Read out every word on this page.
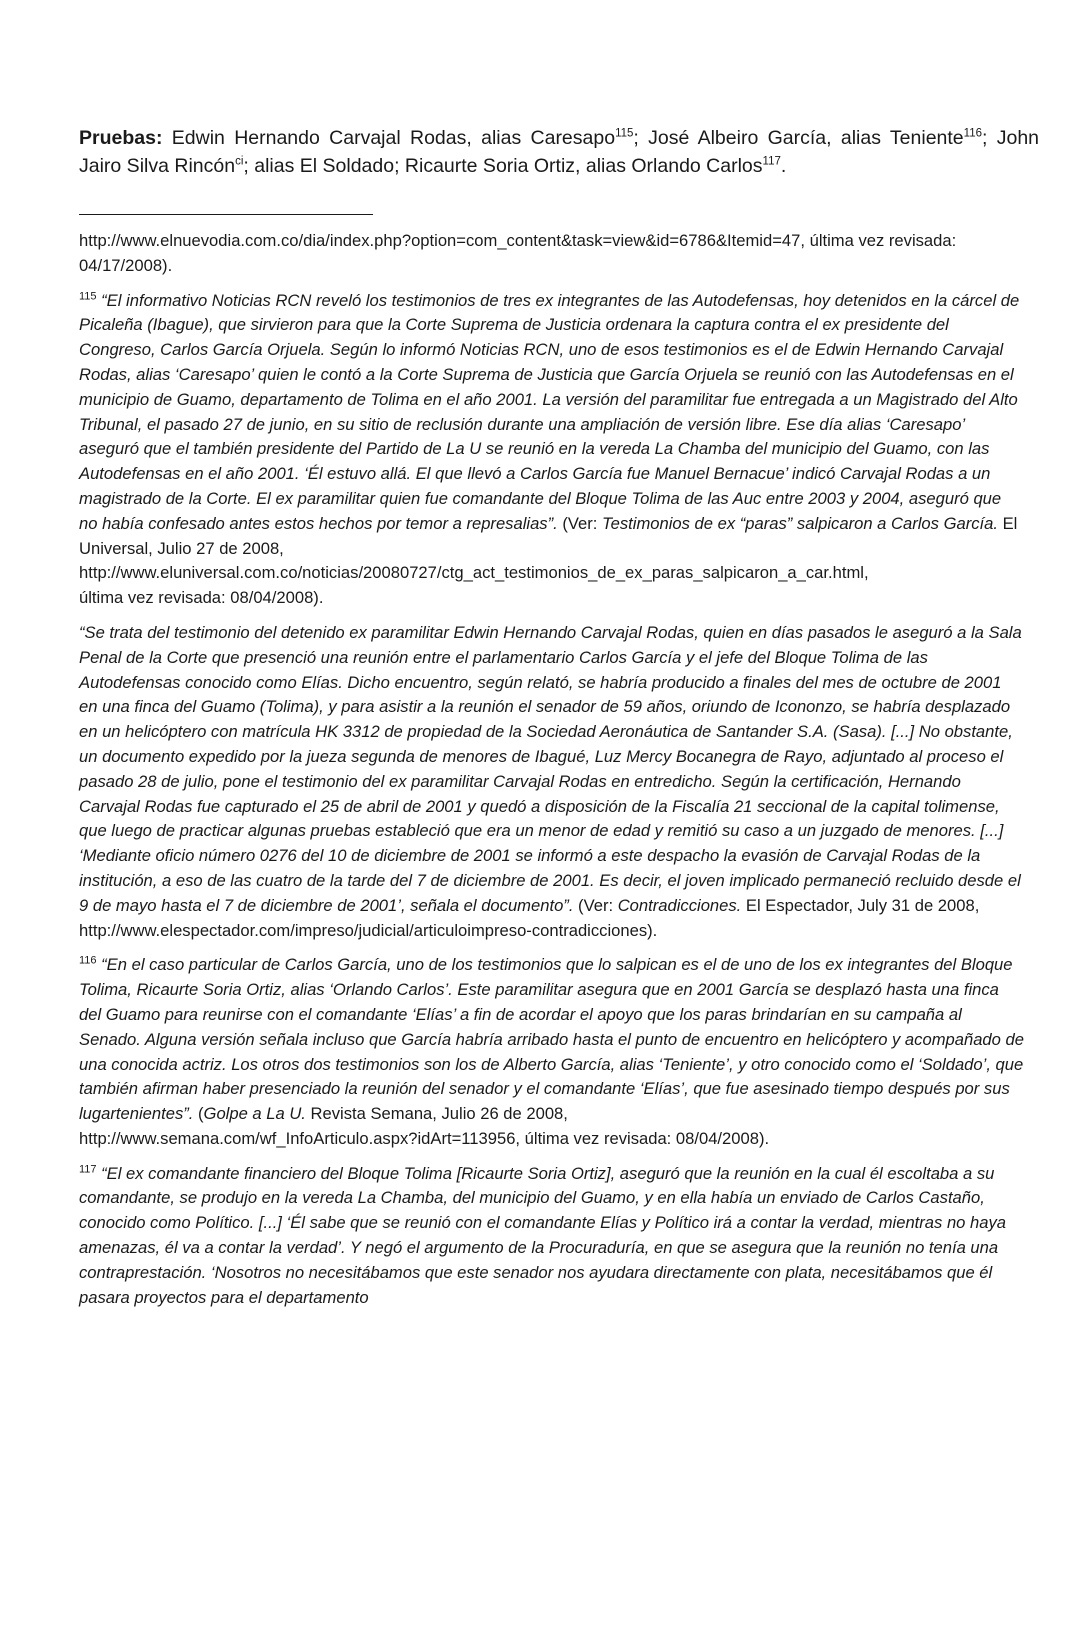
Pruebas: Edwin Hernando Carvajal Rodas, alias Caresapo$^{115}$; José Albeiro García, alias Teniente$^{116}$; John Jairo Silva Rincón$^{ci}$; alias El Soldado; Ricaurte Soria Ortiz, alias Orlando Carlos$^{117}$.

http://www.elnuevodia.com.co/dia/index.php?option=com_content&task=view&id=6786&Itemid=47, última vez revisada: 04/17/2008).

$^{115}$ “El informativo Noticias RCN reveló los testimonios de tres ex integrantes de las Autodefensas, hoy detenidos en la cárcel de Picaleña (Ibague), que sirvieron para que la Corte Suprema de Justicia ordenara la captura contra el ex presidente del Congreso, Carlos García Orjuela. Según lo informó Noticias RCN, uno de esos testimonios es el de Edwin Hernando Carvajal Rodas, alias ‘Caresapo’ quien le contó a la Corte Suprema de Justicia que García Orjuela se reunió con las Autodefensas en el municipio de Guamo, departamento de Tolima en el año 2001. La versión del paramilitar fue entregada a un Magistrado del Alto Tribunal, el pasado 27 de junio, en su sitio de reclusión durante una ampliación de versión libre. Ese día alias ‘Caresapo’ aseguró que el también presidente del Partido de La U se reunió en la vereda La Chamba del municipio del Guamo, con las Autodefensas en el año 2001. ‘Él estuvo allá. El que llevó a Carlos García fue Manuel Bernacue’ indicó Carvajal Rodas a un magistrado de la Corte. El ex paramilitar quien fue comandante del Bloque Tolima de las Auc entre 2003 y 2004, aseguró que no había confesado antes estos hechos por temor a represalias”. (Ver: Testimonios de ex “paras” salpicaron a Carlos García. El Universal, Julio 27 de 2008,
http://www.eluniversal.com.co/noticias/20080727/ctg_act_testimonios_de_ex_paras_salpicaron_a_car.html,
última vez revisada: 08/04/2008).

“Se trata del testimonio del detenido ex paramilitar Edwin Hernando Carvajal Rodas, quien en días pasados le aseguró a la Sala Penal de la Corte que presenció una reunión entre el parlamentario Carlos García y el jefe del Bloque Tolima de las Autodefensas conocido como Elías. Dicho encuentro, según relató, se habría producido a finales del mes de octubre de 2001 en una finca del Guamo (Tolima), y para asistir a la reunión el senador de 59 años, oriundo de Icononzo, se habría desplazado en un helicóptero con matrícula HK 3312 de propiedad de la Sociedad Aeronáutica de Santander S.A. (Sasa). [...] No obstante, un documento expedido por la jueza segunda de menores de Ibagué, Luz Mercy Bocanegra de Rayo, adjuntado al proceso el pasado 28 de julio, pone el testimonio del ex paramilitar Carvajal Rodas en entredicho. Según la certificación, Hernando Carvajal Rodas fue capturado el 25 de abril de 2001 y quedó a disposición de la Fiscalía 21 seccional de la capital tolimense, que luego de practicar algunas pruebas estableció que era un menor de edad y remitió su caso a un juzgado de menores. [...] ‘Mediante oficio número 0276 del 10 de diciembre de 2001 se informó a este despacho la evasión de Carvajal Rodas de la institución, a eso de las cuatro de la tarde del 7 de diciembre de 2001. Es decir, el joven implicado permaneció recluido desde el 9 de mayo hasta el 7 de diciembre de 2001’, señala el documento”. (Ver: Contradicciones. El Espectador, July 31 de 2008,
http://www.elespectador.com/impreso/judicial/articuloimpreso-contradicciones).

$^{116}$ “En el caso particular de Carlos García, uno de los testimonios que lo salpican es el de uno de los ex integrantes del Bloque Tolima, Ricaurte Soria Ortiz, alias ‘Orlando Carlos’. Este paramilitar asegura que en 2001 García se desplazó hasta una finca del Guamo para reunirse con el comandante ‘Elías’ a fin de acordar el apoyo que los paras brindarían en su campaña al Senado. Alguna versión señala incluso que García habría arribado hasta el punto de encuentro en helicóptero y acompañado de una conocida actriz. Los otros dos testimonios son los de Alberto García, alias ‘Teniente’, y otro conocido como el ‘Soldado’, que también afirman haber presenciado la reunión del senador y el comandante ‘Elías’, que fue asesinado tiempo después por sus lugartenientes”. (Golpe a La U. Revista Semana, Julio 26 de 2008,
http://www.semana.com/wf_InfoArticulo.aspx?idArt=113956, última vez revisada: 08/04/2008).

$^{117}$ “El ex comandante financiero del Bloque Tolima [Ricaurte Soria Ortiz], aseguró que la reunión en la cual él escoltaba a su comandante, se produjo en la vereda La Chamba, del municipio del Guamo, y en ella había un enviado de Carlos Castaño, conocido como Político. [...] ‘Él sabe que se reunió con el comandante Elías y Político irá a contar la verdad, mientras no haya amenazas, él va a contar la verdad’. Y negó el argumento de la Procuraduría, en que se asegura que la reunión no tenía una contraprestación. ‘Nosotros no necesitábamos que este senador nos ayudara directamente con plata, necesitábamos que él pasara proyectos para el departamento
